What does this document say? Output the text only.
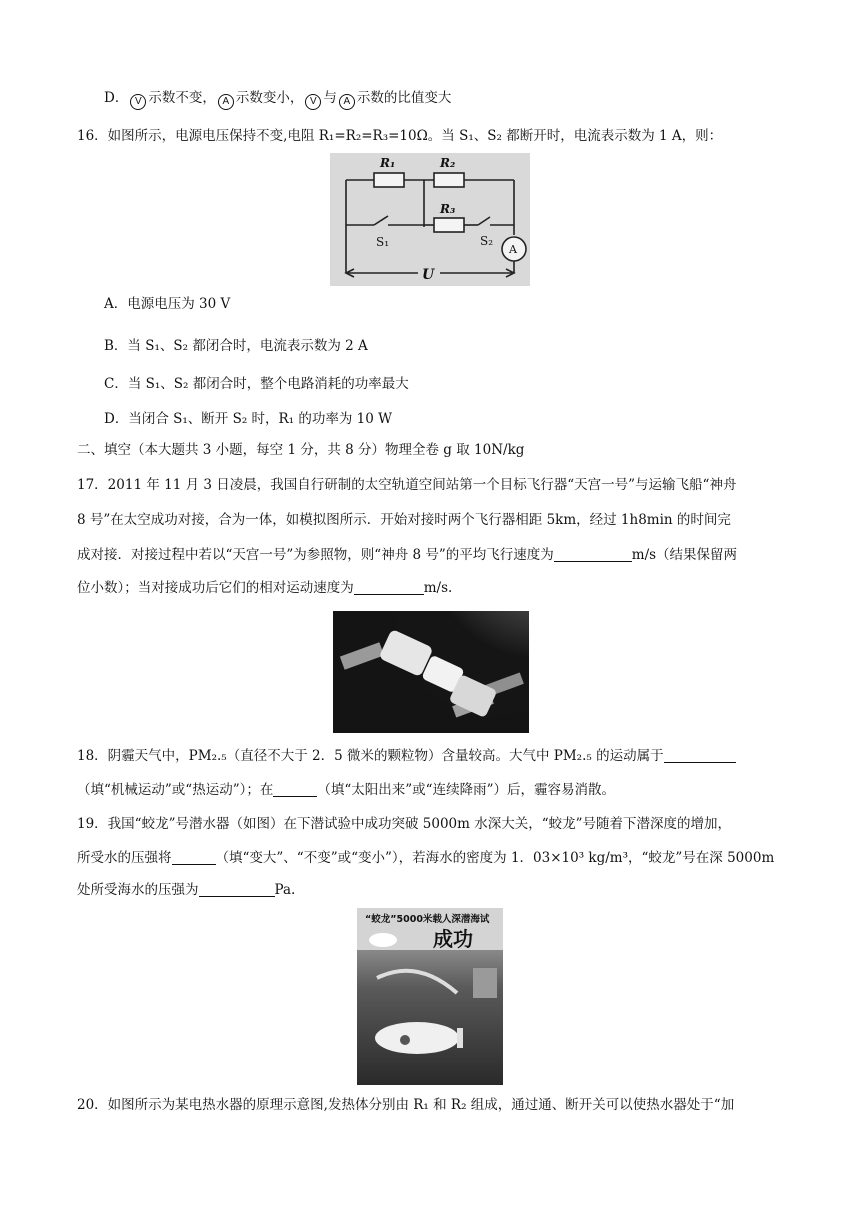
D． V 示数不变， A 示数变小， V 与 A 示数的比值变大
16．如图所示，电源电压保持不变,电阻 R₁=R₂=R₃=10Ω。当 S₁、S₂ 都断开时，电流表示数为 1 A，则：
R₁	R₂
R₃
S₁	S₂
A
U
A．电源电压为 30 V
B．当 S₁、S₂ 都闭合时，电流表示数为 2 A
C．当 S₁、S₂ 都闭合时，整个电路消耗的功率最大
D．当闭合 S₁、断开 S₂ 时，R₁ 的功率为 10 W
二、填空（本大题共 3 小题，每空 1 分，共 8 分）物理全卷 g 取 10N/kg
17．2011 年 11 月 3 日凌晨，我国自行研制的太空轨道空间站第一个目标飞行器“天宫一号”与运输飞船“神舟
8 号”在太空成功对接，合为一体，如模拟图所示．开始对接时两个飞行器相距 5km，经过 1h8min 的时间完
成对接．对接过程中若以“天宫一号”为参照物，则“神舟 8 号”的平均飞行速度为	m/s（结果保留两
位小数）；当对接成功后它们的相对运动速度为	m/s.
18．阴霾天气中，PM₂.₅（直径不大于 2．5 微米的颗粒物）含量较高。大气中 PM₂.₅ 的运动属于
（填“机械运动”或“热运动”）；在	（填“太阳出来”或“连续降雨”）后，霾容易消散。
19．我国“蛟龙”号潜水器（如图）在下潜试验中成功突破 5000m 水深大关，“蛟龙”号随着下潜深度的增加，
所受水的压强将	（填“变大”、“不变”或“变小”），若海水的密度为 1．03×10³ kg/m³，“蛟龙”号在深 5000m
处所受海水的压强为	Pa.
“蛟龙”5000米载人深潜海试
成功
20．如图所示为某电热水器的原理示意图,发热体分别由 R₁ 和 R₂ 组成，通过通、断开关可以使热水器处于“加
